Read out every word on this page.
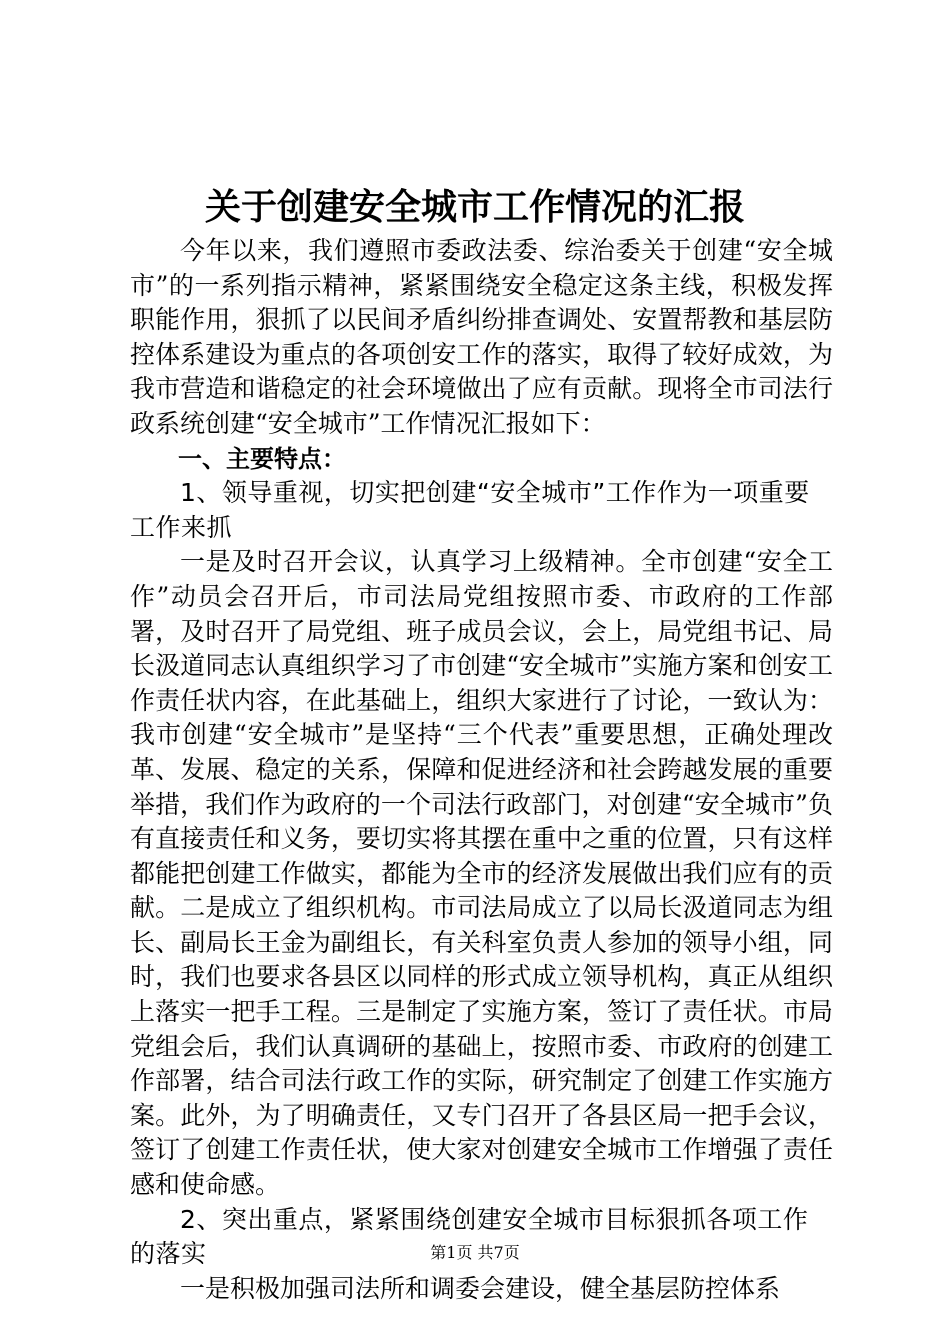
关于创建安全城市工作情况的汇报

今年以来，我们遵照市委政法委、综治委关于创建“安全城市”的一系列指示精神，紧紧围绕安全稳定这条主线，积极发挥职能作用，狠抓了以民间矛盾纠纷排查调处、安置帮教和基层防控体系建设为重点的各项创安工作的落实，取得了较好成效，为我市营造和谐稳定的社会环境做出了应有贡献。现将全市司法行政系统创建“安全城市”工作情况汇报如下：

一、主要特点：

1、领导重视，切实把创建“安全城市”工作作为一项重要工作来抓

一是及时召开会议，认真学习上级精神。全市创建“安全工作”动员会召开后，市司法局党组按照市委、市政府的工作部署，及时召开了局党组、班子成员会议，会上，局党组书记、局长汲道同志认真组织学习了市创建“安全城市”实施方案和创安工作责任状内容，在此基础上，组织大家进行了讨论，一致认为：我市创建“安全城市”是坚持“三个代表”重要思想，正确处理改革、发展、稳定的关系，保障和促进经济和社会跨越发展的重要举措，我们作为政府的一个司法行政部门，对创建“安全城市”负有直接责任和义务，要切实将其摆在重中之重的位置，只有这样都能把创建工作做实，都能为全市的经济发展做出我们应有的贡献。二是成立了组织机构。市司法局成立了以局长汲道同志为组长、副局长王金为副组长，有关科室负责人参加的领导小组，同时，我们也要求各县区以同样的形式成立领导机构，真正从组织上落实一把手工程。三是制定了实施方案，签订了责任状。市局党组会后，我们认真调研的基础上，按照市委、市政府的创建工作部署，结合司法行政工作的实际，研究制定了创建工作实施方案。此外，为了明确责任，又专门召开了各县区局一把手会议，签订了创建工作责任状，使大家对创建安全城市工作增强了责任感和使命感。

2、突出重点，紧紧围绕创建安全城市目标狠抓各项工作的落实

一是积极加强司法所和调委会建设，健全基层防控体系

第1页 共7页
